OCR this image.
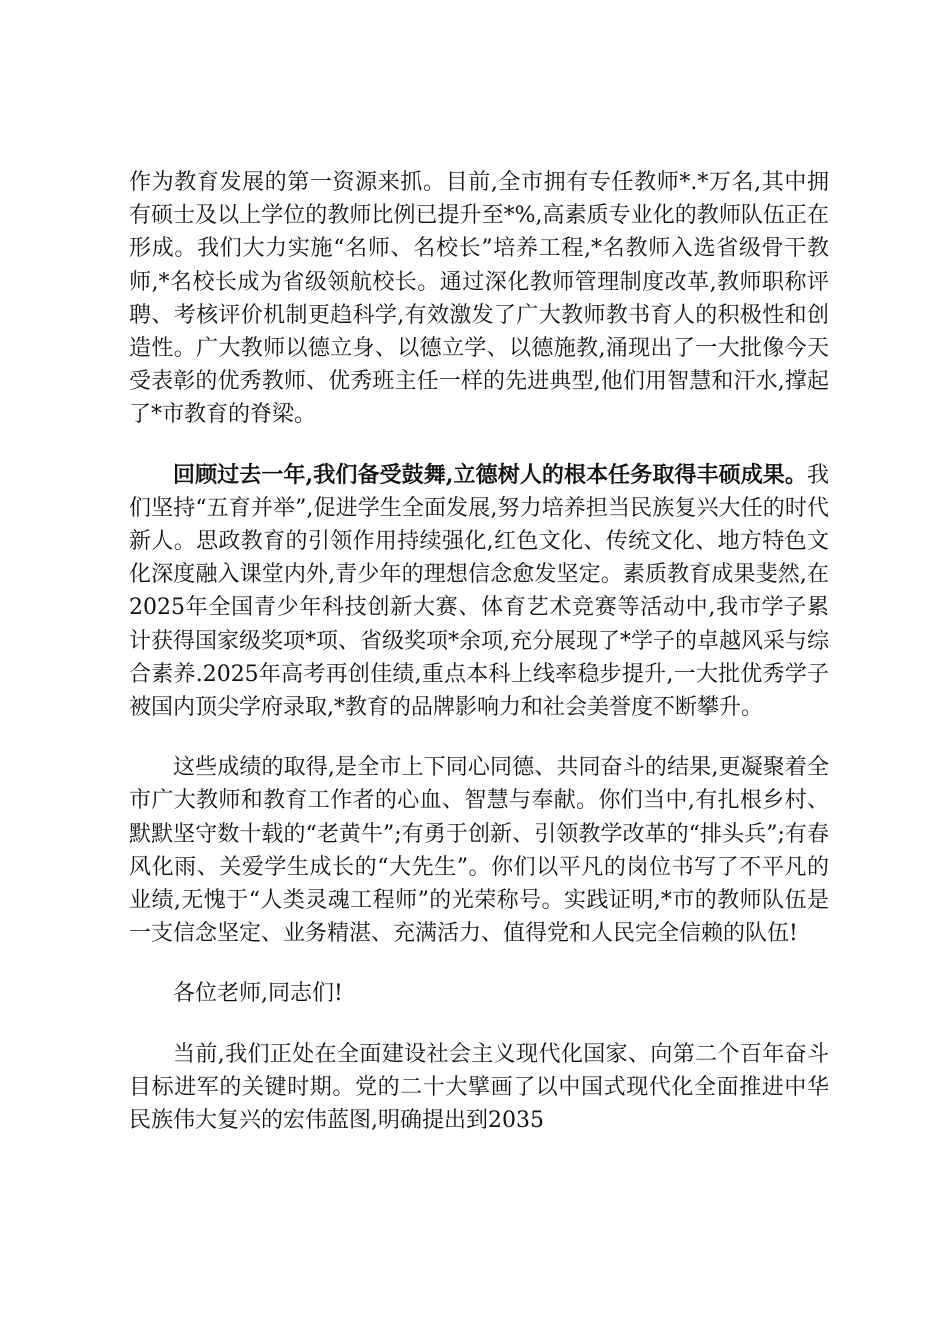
作为教育发展的第一资源来抓。目前,全市拥有专任教师*.*万名,其中拥有硕士及以上学位的教师比例已提升至*%,高素质专业化的教师队伍正在形成。我们大力实施“名师、名校长”培养工程,*名教师入选省级骨干教师,*名校长成为省级领航校长。通过深化教师管理制度改革,教师职称评聘、考核评价机制更趋科学,有效激发了广大教师教书育人的积极性和创造性。广大教师以德立身、以德立学、以德施教,涌现出了一大批像今天受表彰的优秀教师、优秀班主任一样的先进典型,他们用智慧和汗水,撑起了*市教育的脊梁。

回顾过去一年,我们备受鼓舞,立德树人的根本任务取得丰硕成果。我们坚持“五育并举”,促进学生全面发展,努力培养担当民族复兴大任的时代新人。思政教育的引领作用持续强化,红色文化、传统文化、地方特色文化深度融入课堂内外,青少年的理想信念愈发坚定。素质教育成果斐然,在2025年全国青少年科技创新大赛、体育艺术竞赛等活动中,我市学子累计获得国家级奖项*项、省级奖项*余项,充分展现了*学子的卓越风采与综合素养.2025年高考再创佳绩,重点本科上线率稳步提升,一大批优秀学子被国内顶尖学府录取,*教育的品牌影响力和社会美誉度不断攀升。

这些成绩的取得,是全市上下同心同德、共同奋斗的结果,更凝聚着全市广大教师和教育工作者的心血、智慧与奉献。你们当中,有扎根乡村、默默坚守数十载的“老黄牛”;有勇于创新、引领教学改革的“排头兵”;有春风化雨、关爱学生成长的“大先生”。你们以平凡的岗位书写了不平凡的业绩,无愧于“人类灵魂工程师”的光荣称号。实践证明,*市的教师队伍是一支信念坚定、业务精湛、充满活力、值得党和人民完全信赖的队伍!

各位老师,同志们!

当前,我们正处在全面建设社会主义现代化国家、向第二个百年奋斗目标进军的关键时期。党的二十大擘画了以中国式现代化全面推进中华民族伟大复兴的宏伟蓝图,明确提出到2035
